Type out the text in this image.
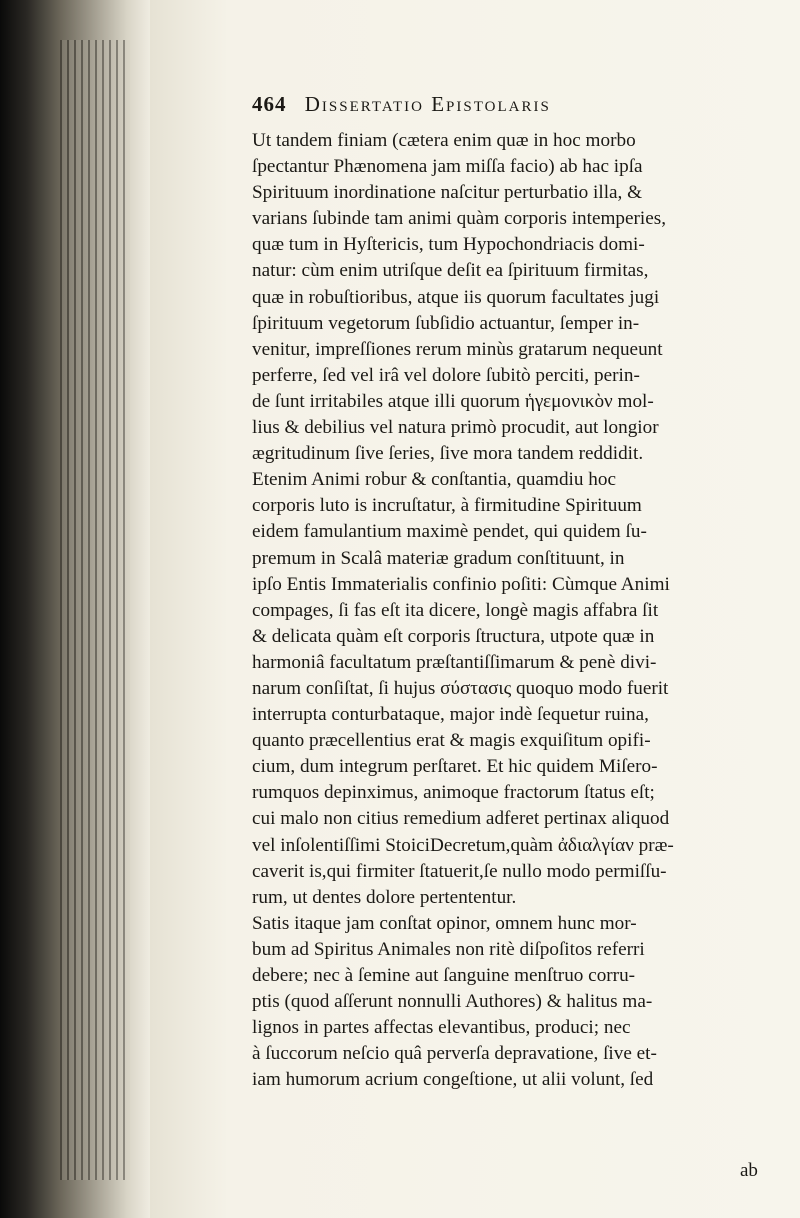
464 Dissertatio Epistolaris
Ut tandem finiam (cætera enim quæ in hoc morbo
ſpectantur Phænomena jam miſſa facio) ab hac ipſa
Spirituum inordinatione naſcitur perturbatio illa, &
varians ſubinde tam animi quàm corporis intemperies,
quæ tum in Hyſtericis, tum Hypochondriacis domi-
natur: cùm enim utriſque deſit ea ſpirituum firmitas,
quæ in robuſtioribus, atque iis quorum facultates jugi
ſpirituum vegetorum ſubſidio actuantur, ſemper in-
venitur, impreſſiones rerum minùs gratarum nequeunt
perferre, ſed vel irâ vel dolore ſubitò perciti, perin-
de ſunt irritabiles atque illi quorum ἡγεμονικὸν mol-
lius & debilius vel natura primò procudit, aut longior
ægritudinum ſive ſeries, ſive mora tandem reddidit.
Etenim Animi robur & conſtantia, quamdiu hoc
corporis luto is incruſtatur, à firmitudine Spirituum
eidem famulantium maximè pendet, qui quidem ſu-
premum in Scalâ materiæ gradum conſtituunt, in
ipſo Entis Immaterialis confinio poſiti: Cùmque Animi
compages, ſi fas eſt ita dicere, longè magis affabra ſit
& delicata quàm eſt corporis ſtructura, utpote quæ in
harmoniâ facultatum præſtantiſſimarum & penè divi-
narum conſiſtat, ſi hujus σύστασις quoquo modo fuerit
interrupta conturbataque, major indè ſequetur ruina,
quanto præcellentius erat & magis exquiſitum opifi-
cium, dum integrum perſtaret. Et hic quidem Miſero-
rumquos depinximus, animoque fractorum ſtatus eſt;
cui malo non citius remedium adferet pertinax aliquod
vel inſolentiſſimi StoiciDecretum,quàm ἀδιαλγίαν præ-
caverit is,qui firmiter ſtatuerit,ſe nullo modo permiſſu-
rum, ut dentes dolore pertententur.
Satis itaque jam conſtat opinor, omnem hunc mor-
bum ad Spiritus Animales non ritè diſpoſitos referri
debere; nec à ſemine aut ſanguine menſtruo corru-
ptis (quod aſſerunt nonnulli Authores) & halitus ma-
lignos in partes affectas elevantibus, produci; nec
à ſuccorum neſcio quâ perverſa depravatione, ſive et-
iam humorum acrium congeſtione, ut alii volunt, ſed
ab
